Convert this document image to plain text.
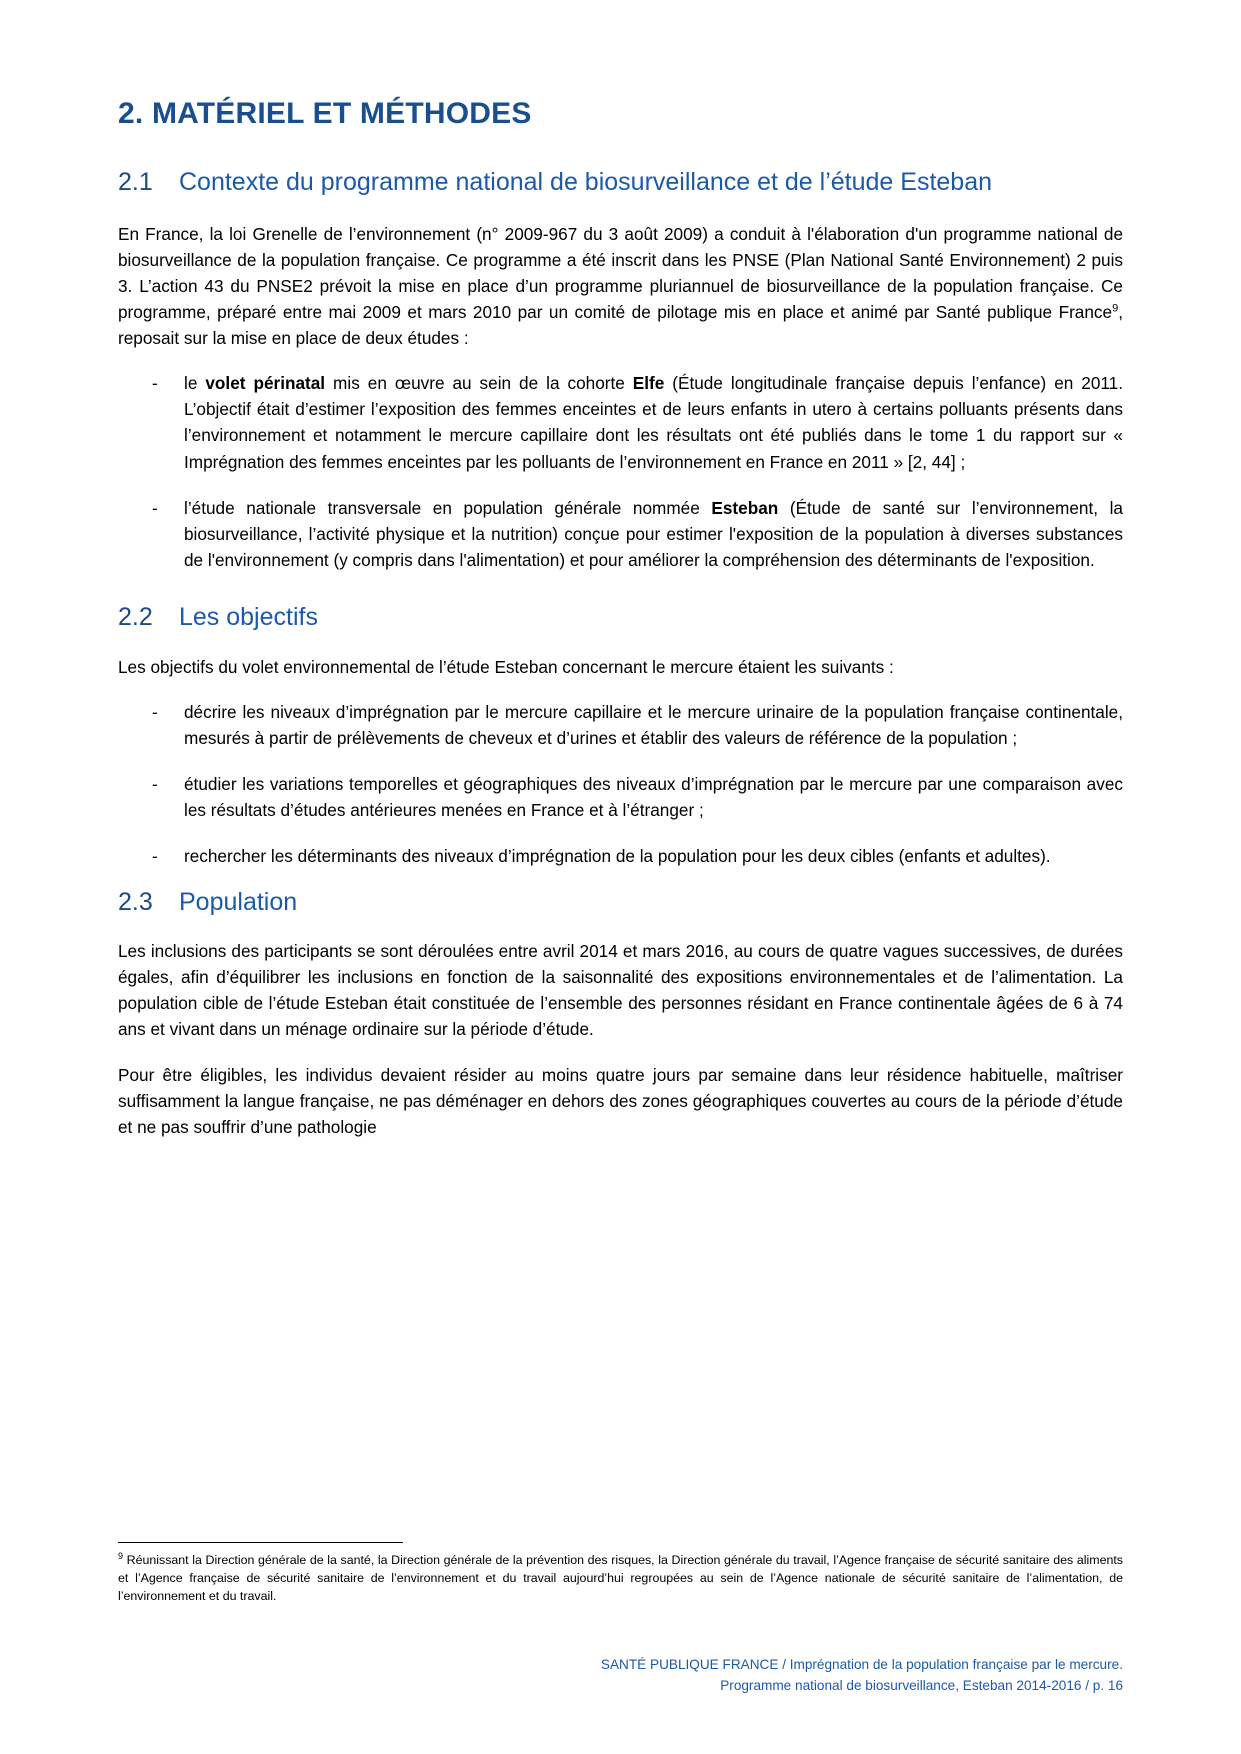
2. MATÉRIEL ET MÉTHODES
2.1	Contexte du programme national de biosurveillance et de l’étude Esteban

En France, la loi Grenelle de l’environnement (n° 2009-967 du 3 août 2009) a conduit à l'élaboration d'un programme national de biosurveillance de la population française. Ce programme a été inscrit dans les PNSE (Plan National Santé Environnement) 2 puis 3. L’action 43 du PNSE2 prévoit la mise en place d’un programme pluriannuel de biosurveillance de la population française. Ce programme, préparé entre mai 2009 et mars 2010 par un comité de pilotage mis en place et animé par Santé publique France$^9$, reposait sur la mise en place de deux études :

- le volet périnatal mis en œuvre au sein de la cohorte Elfe (Étude longitudinale française depuis l’enfance) en 2011. L’objectif était d’estimer l’exposition des femmes enceintes et de leurs enfants in utero à certains polluants présents dans l’environnement et notamment le mercure capillaire dont les résultats ont été publiés dans le tome 1 du rapport sur « Imprégnation des femmes enceintes par les polluants de l’environnement en France en 2011 » [2, 44] ;
- l’étude nationale transversale en population générale nommée Esteban (Étude de santé sur l’environnement, la biosurveillance, l’activité physique et la nutrition) conçue pour estimer l'exposition de la population à diverses substances de l'environnement (y compris dans l'alimentation) et pour améliorer la compréhension des déterminants de l'exposition.
2.2	Les objectifs

Les objectifs du volet environnemental de l’étude Esteban concernant le mercure étaient les suivants :

- décrire les niveaux d’imprégnation par le mercure capillaire et le mercure urinaire de la population française continentale, mesurés à partir de prélèvements de cheveux et d’urines et établir des valeurs de référence de la population ;
- étudier les variations temporelles et géographiques des niveaux d’imprégnation par le mercure par une comparaison avec les résultats d’études antérieures menées en France et à l’étranger ;
- rechercher les déterminants des niveaux d’imprégnation de la population pour les deux cibles (enfants et adultes).
2.3	Population

Les inclusions des participants se sont déroulées entre avril 2014 et mars 2016, au cours de quatre vagues successives, de durées égales, afin d’équilibrer les inclusions en fonction de la saisonnalité des expositions environnementales et de l’alimentation. La population cible de l’étude Esteban était constituée de l’ensemble des personnes résidant en France continentale âgées de 6 à 74 ans et vivant dans un ménage ordinaire sur la période d’étude.

Pour être éligibles, les individus devaient résider au moins quatre jours par semaine dans leur résidence habituelle, maîtriser suffisamment la langue française, ne pas déménager en dehors des zones géographiques couvertes au cours de la période d’étude et ne pas souffrir d’une pathologie

$^9$ Réunissant la Direction générale de la santé, la Direction générale de la prévention des risques, la Direction générale du travail, l’Agence française de sécurité sanitaire des aliments et l’Agence française de sécurité sanitaire de l’environnement et du travail aujourd’hui regroupées au sein de l’Agence nationale de sécurité sanitaire de l’alimentation, de l’environnement et du travail.

SANTÉ PUBLIQUE FRANCE / Imprégnation de la population française par le mercure.
Programme national de biosurveillance, Esteban 2014-2016 / p. 16
